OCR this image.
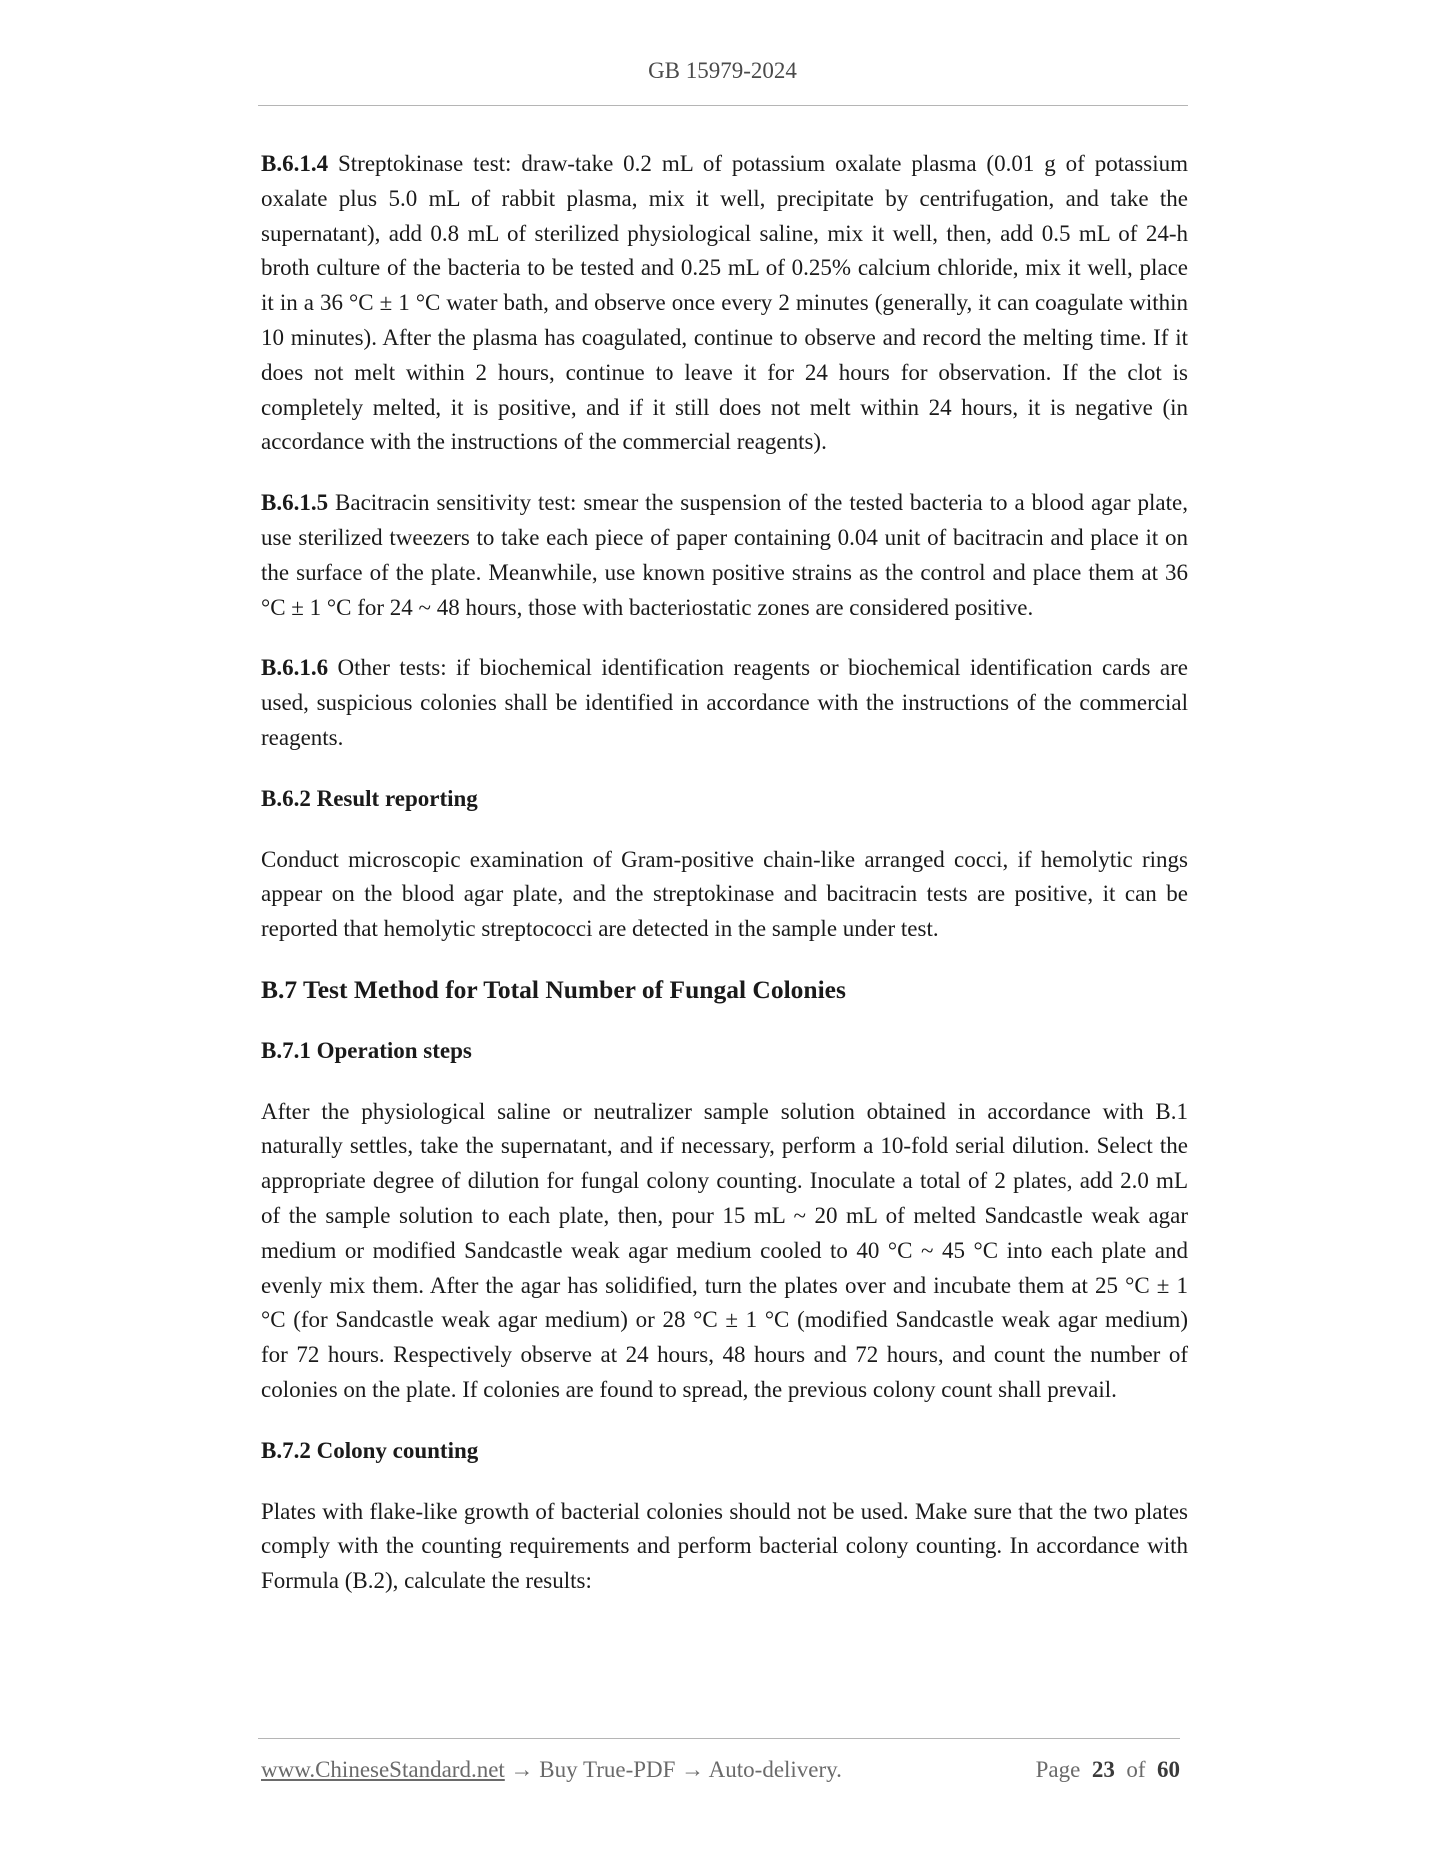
GB 15979-2024

B.6.1.4 Streptokinase test: draw-take 0.2 mL of potassium oxalate plasma (0.01 g of potassium oxalate plus 5.0 mL of rabbit plasma, mix it well, precipitate by centrifugation, and take the supernatant), add 0.8 mL of sterilized physiological saline, mix it well, then, add 0.5 mL of 24-h broth culture of the bacteria to be tested and 0.25 mL of 0.25% calcium chloride, mix it well, place it in a 36 °C ± 1 °C water bath, and observe once every 2 minutes (generally, it can coagulate within 10 minutes). After the plasma has coagulated, continue to observe and record the melting time. If it does not melt within 2 hours, continue to leave it for 24 hours for observation. If the clot is completely melted, it is positive, and if it still does not melt within 24 hours, it is negative (in accordance with the instructions of the commercial reagents).

B.6.1.5 Bacitracin sensitivity test: smear the suspension of the tested bacteria to a blood agar plate, use sterilized tweezers to take each piece of paper containing 0.04 unit of bacitracin and place it on the surface of the plate. Meanwhile, use known positive strains as the control and place them at 36 °C ± 1 °C for 24 ~ 48 hours, those with bacteriostatic zones are considered positive.

B.6.1.6 Other tests: if biochemical identification reagents or biochemical identification cards are used, suspicious colonies shall be identified in accordance with the instructions of the commercial reagents.

B.6.2 Result reporting

Conduct microscopic examination of Gram-positive chain-like arranged cocci, if hemolytic rings appear on the blood agar plate, and the streptokinase and bacitracin tests are positive, it can be reported that hemolytic streptococci are detected in the sample under test.

B.7 Test Method for Total Number of Fungal Colonies
B.7.1 Operation steps

After the physiological saline or neutralizer sample solution obtained in accordance with B.1 naturally settles, take the supernatant, and if necessary, perform a 10-fold serial dilution. Select the appropriate degree of dilution for fungal colony counting. Inoculate a total of 2 plates, add 2.0 mL of the sample solution to each plate, then, pour 15 mL ~ 20 mL of melted Sandcastle weak agar medium or modified Sandcastle weak agar medium cooled to 40 °C ~ 45 °C into each plate and evenly mix them. After the agar has solidified, turn the plates over and incubate them at 25 °C ± 1 °C (for Sandcastle weak agar medium) or 28 °C ± 1 °C (modified Sandcastle weak agar medium) for 72 hours. Respectively observe at 24 hours, 48 hours and 72 hours, and count the number of colonies on the plate. If colonies are found to spread, the previous colony count shall prevail.

B.7.2 Colony counting

Plates with flake-like growth of bacterial colonies should not be used. Make sure that the two plates comply with the counting requirements and perform bacterial colony counting. In accordance with Formula (B.2), calculate the results:

www.ChineseStandard.net → Buy True-PDF → Auto-delivery.	Page 23 of 60
